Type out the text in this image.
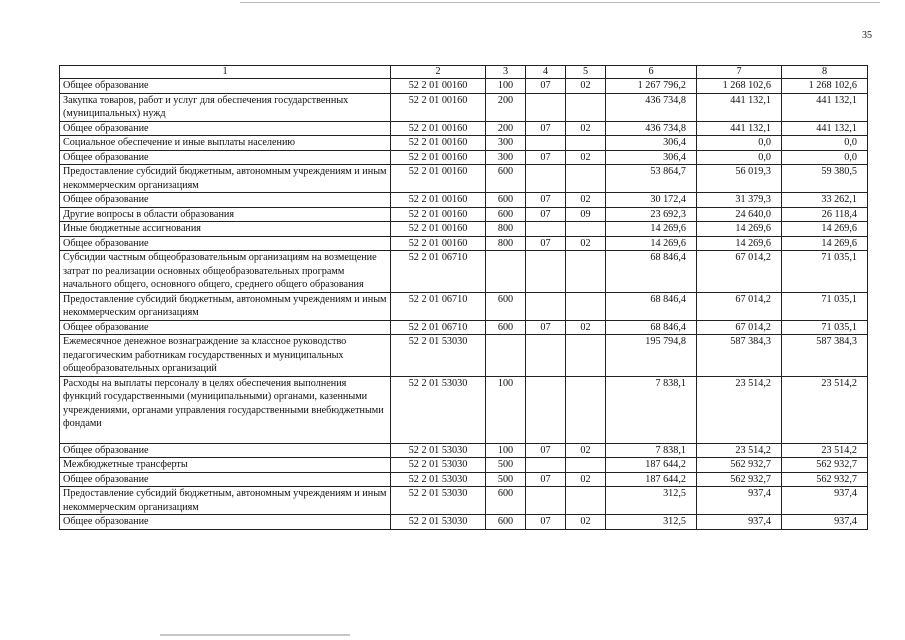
35
1	2	3	4	5	6	7	8
Общее образование	52 2 01 00160	100	07	02	1 267 796,2	1 268 102,6	1 268 102,6
Закупка товаров, работ и услуг для обеспечения государственных (муниципальных) нужд	52 2 01 00160	200			436 734,8	441 132,1	441 132,1
Общее образование	52 2 01 00160	200	07	02	436 734,8	441 132,1	441 132,1
Социальное обеспечение и иные выплаты населению	52 2 01 00160	300			306,4	0,0	0,0
Общее образование	52 2 01 00160	300	07	02	306,4	0,0	0,0
Предоставление субсидий бюджетным, автономным учреждениям и иным некоммерческим организациям	52 2 01 00160	600			53 864,7	56 019,3	59 380,5
Общее образование	52 2 01 00160	600	07	02	30 172,4	31 379,3	33 262,1
Другие вопросы в области образования	52 2 01 00160	600	07	09	23 692,3	24 640,0	26 118,4
Иные бюджетные ассигнования	52 2 01 00160	800			14 269,6	14 269,6	14 269,6
Общее образование	52 2 01 00160	800	07	02	14 269,6	14 269,6	14 269,6
Субсидии частным общеобразовательным организациям на возмещение затрат по реализации основных общеобразовательных программ начального общего, основного общего, среднего общего образования	52 2 01 06710				68 846,4	67 014,2	71 035,1
Предоставление субсидий бюджетным, автономным учреждениям и иным некоммерческим организациям	52 2 01 06710	600			68 846,4	67 014,2	71 035,1
Общее образование	52 2 01 06710	600	07	02	68 846,4	67 014,2	71 035,1
Ежемесячное денежное вознаграждение за классное руководство педагогическим работникам государственных и муниципальных общеобразовательных организаций	52 2 01 53030				195 794,8	587 384,3	587 384,3
Расходы на выплаты персоналу в целях обеспечения выполнения функций государственными (муниципальными) органами, казенными учреждениями, органами управления государственными внебюджетными фондами	52 2 01 53030	100			7 838,1	23 514,2	23 514,2
Общее образование	52 2 01 53030	100	07	02	7 838,1	23 514,2	23 514,2
Межбюджетные трансферты	52 2 01 53030	500			187 644,2	562 932,7	562 932,7
Общее образование	52 2 01 53030	500	07	02	187 644,2	562 932,7	562 932,7
Предоставление субсидий бюджетным, автономным учреждениям и иным некоммерческим организациям	52 2 01 53030	600			312,5	937,4	937,4
Общее образование	52 2 01 53030	600	07	02	312,5	937,4	937,4
